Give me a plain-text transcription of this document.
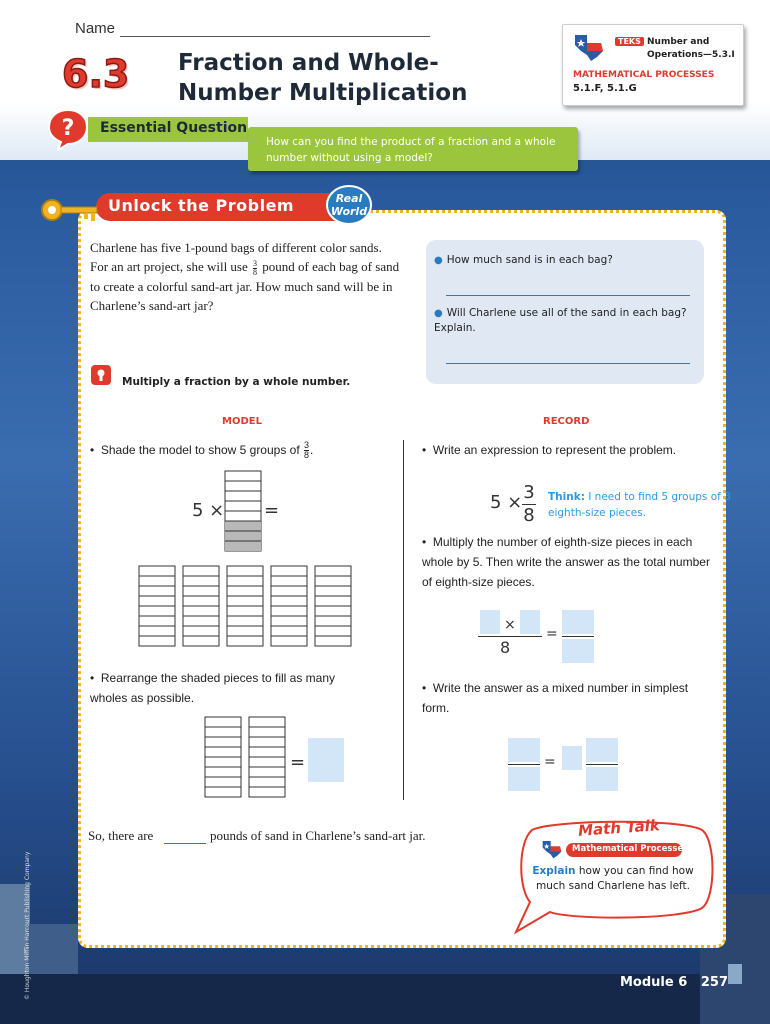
Name
6.3 Fraction and Whole-Number Multiplication
TEKS Number and
Operations—5.3.I
MATHEMATICAL PROCESSES
5.1.F, 5.1.G
? Essential Question
How can you find the product of a fraction and a whole number without using a model?
Unlock the Problem	Real
World
Charlene has five 1-pound bags of different color sands. For an art project, she will use $\frac{3}{8}$ pound of each bag of sand to create a colorful sand-art jar. How much sand will be in Charlene’s sand-art jar?
● How much sand is in each bag?
● Will Charlene use all of the sand in each bag? Explain.
Multiply a fraction by a whole number.
MODEL	RECORD
•  Shade the model to show 5 groups of $\frac{3}{8}$ .
5 × =
•  Rearrange the shaded pieces to fill as many wholes as possible.
=
•  Write an expression to represent the problem.
$5 \times \frac{3}{8}$ Think: I need to find 5 groups of 3 eighth-size pieces.
•  Multiply the number of eighth-size pieces in each whole by 5. Then write the answer as the total number of eighth-size pieces.
×
8
=
•  Write the answer as a mixed number in simplest form.
=
So, there are	pounds of sand in Charlene’s sand-art jar.	Math Talk
Mathematical Processes
Explain how you can find how much sand Charlene has left.
Module 6 257
© Houghton Mifflin Harcourt Publishing Company
